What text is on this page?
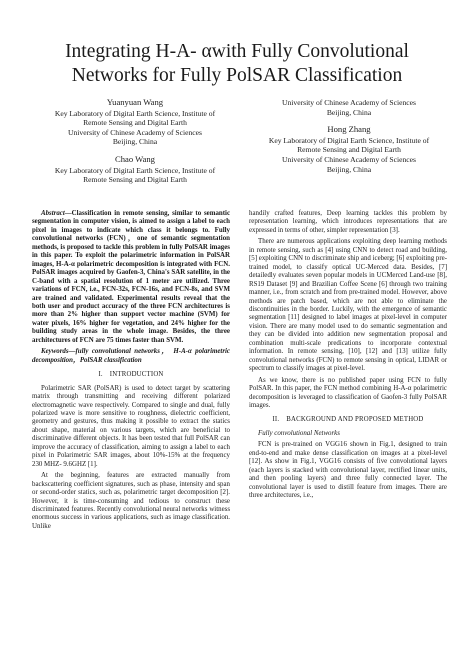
Integrating H-A- αwith Fully Convolutional
Networks for Fully PolSAR Classification
Yuanyuan Wang
Key Laboratory of Digital Earth Science, Institute of
Remote Sensing and Digital Earth
University of Chinese Academy of Sciences
Beijing, China
Chao Wang
Key Laboratory of Digital Earth Science, Institute of
Remote Sensing and Digital Earth
University of Chinese Academy of Sciences
Beijing, China
Hong Zhang
Key Laboratory of Digital Earth Science, Institute of
Remote Sensing and Digital Earth
University of Chinese Academy of Sciences
Beijing, China

Abstract—Classification in remote sensing, similar to semantic segmentation in computer vision, is aimed to assign a label to each pixel in images to indicate which class it belongs to. Fully convolutional networks (FCN)，one of semantic segmentation methods, is proposed to tackle this problem in fully PolSAR images in this paper. To exploit the polarimetric information in PolSAR images, H-A-α polarimetric decomposition is integrated with FCN. PolSAR images acquired by Gaofen-3, China's SAR satellite, in the C-band with a spatial resolution of 1 meter are utilized. Three variations of FCN, i.e., FCN-32s, FCN-16s, and FCN-8s, and SVM are trained and validated. Experimental results reveal that the both user and product accuracy of the three FCN architectures is more than 2% higher than support vector machine (SVM) for water pixels, 16% higher for vegetation, and 24% higher for the building study areas in the whole image. Besides, the three architectures of FCN are 75 times faster than SVM.

Keywords—fully convolutional networks， H-A-α polarimetric decomposition，PolSAR classification

I. INTRODUCTION

Polarimetric SAR (PolSAR) is used to detect target by scattering matrix through transmitting and receiving different polarized electromagnetic wave respectively. Compared to single and dual, fully polarized wave is more sensitive to roughness, dielectric coefficient, geometry and gestures, thus making it possible to extract the statics about shape, material on various targets, which are beneficial to discriminative different objects. It has been tested that full PolSAR can improve the accuracy of classification, aiming to assign a label to each pixel in Polarimetric SAR images, about 10%-15% at the frequency 230 MHZ- 9.6GHZ [1].

At the beginning, features are extracted manually from backscattering coefficient signatures, such as phase, intensity and span or second-order statics, such as, polarimetric target decomposition [2]. However, it is time-consuming and tedious to construct these discriminated features. Recently convolutional neural networks witness enormous success in various applications, such as image classification. Unlike

handily crafted features, Deep learning tackles this problem by representation learning, which introduces representations that are expressed in terms of other, simpler representation [3].

There are numerous applications exploiting deep learning methods in remote sensing, such as [4] using CNN to detect road and building, [5] exploiting CNN to discriminate ship and iceberg; [6] exploiting pre-trained model, to classify optical UC-Merced data. Besides, [7] detailedly evaluates seven popular models in UCMerced Land-use [8], RS19 Dataset [9] and Brazilian Coffee Scene [6] through two training manner, i.e., from scratch and from pre-trained model. However, above methods are patch based, which are not able to eliminate the discontinuities in the border. Luckily, with the emergence of semantic segmentation [11] designed to label images at pixel-level in computer vision. There are many model used to do semantic segmentation and they can be divided into addition new segmentation proposal and combination multi-scale predications to incorporate contextual information. In remote sensing, [10], [12] and [13] utilize fully convolutional networks (FCN) to remote sensing in optical, LIDAR or spectrum to classify images at pixel-level.

As we know, there is no published paper using FCN to fully PolSAR. In this paper, the FCN method combining H-A-α polarimetric decomposition is leveraged to classification of Gaofen-3 fully PolSAR images.

II. BACKGROUND AND PROPOSED METHOD

Fully convolutional Networks

FCN is pre-trained on VGG16 shown in Fig.1, designed to train end-to-end and make dense classification on images at a pixel-level [12]. As show in Fig.1, VGG16 consists of five convolutional layers (each layers is stacked with convolutional layer, rectified linear units, and then pooling layers) and three fully connected layer. The convolutional layer is used to distill feature from images. There are three architectures, i.e.,
